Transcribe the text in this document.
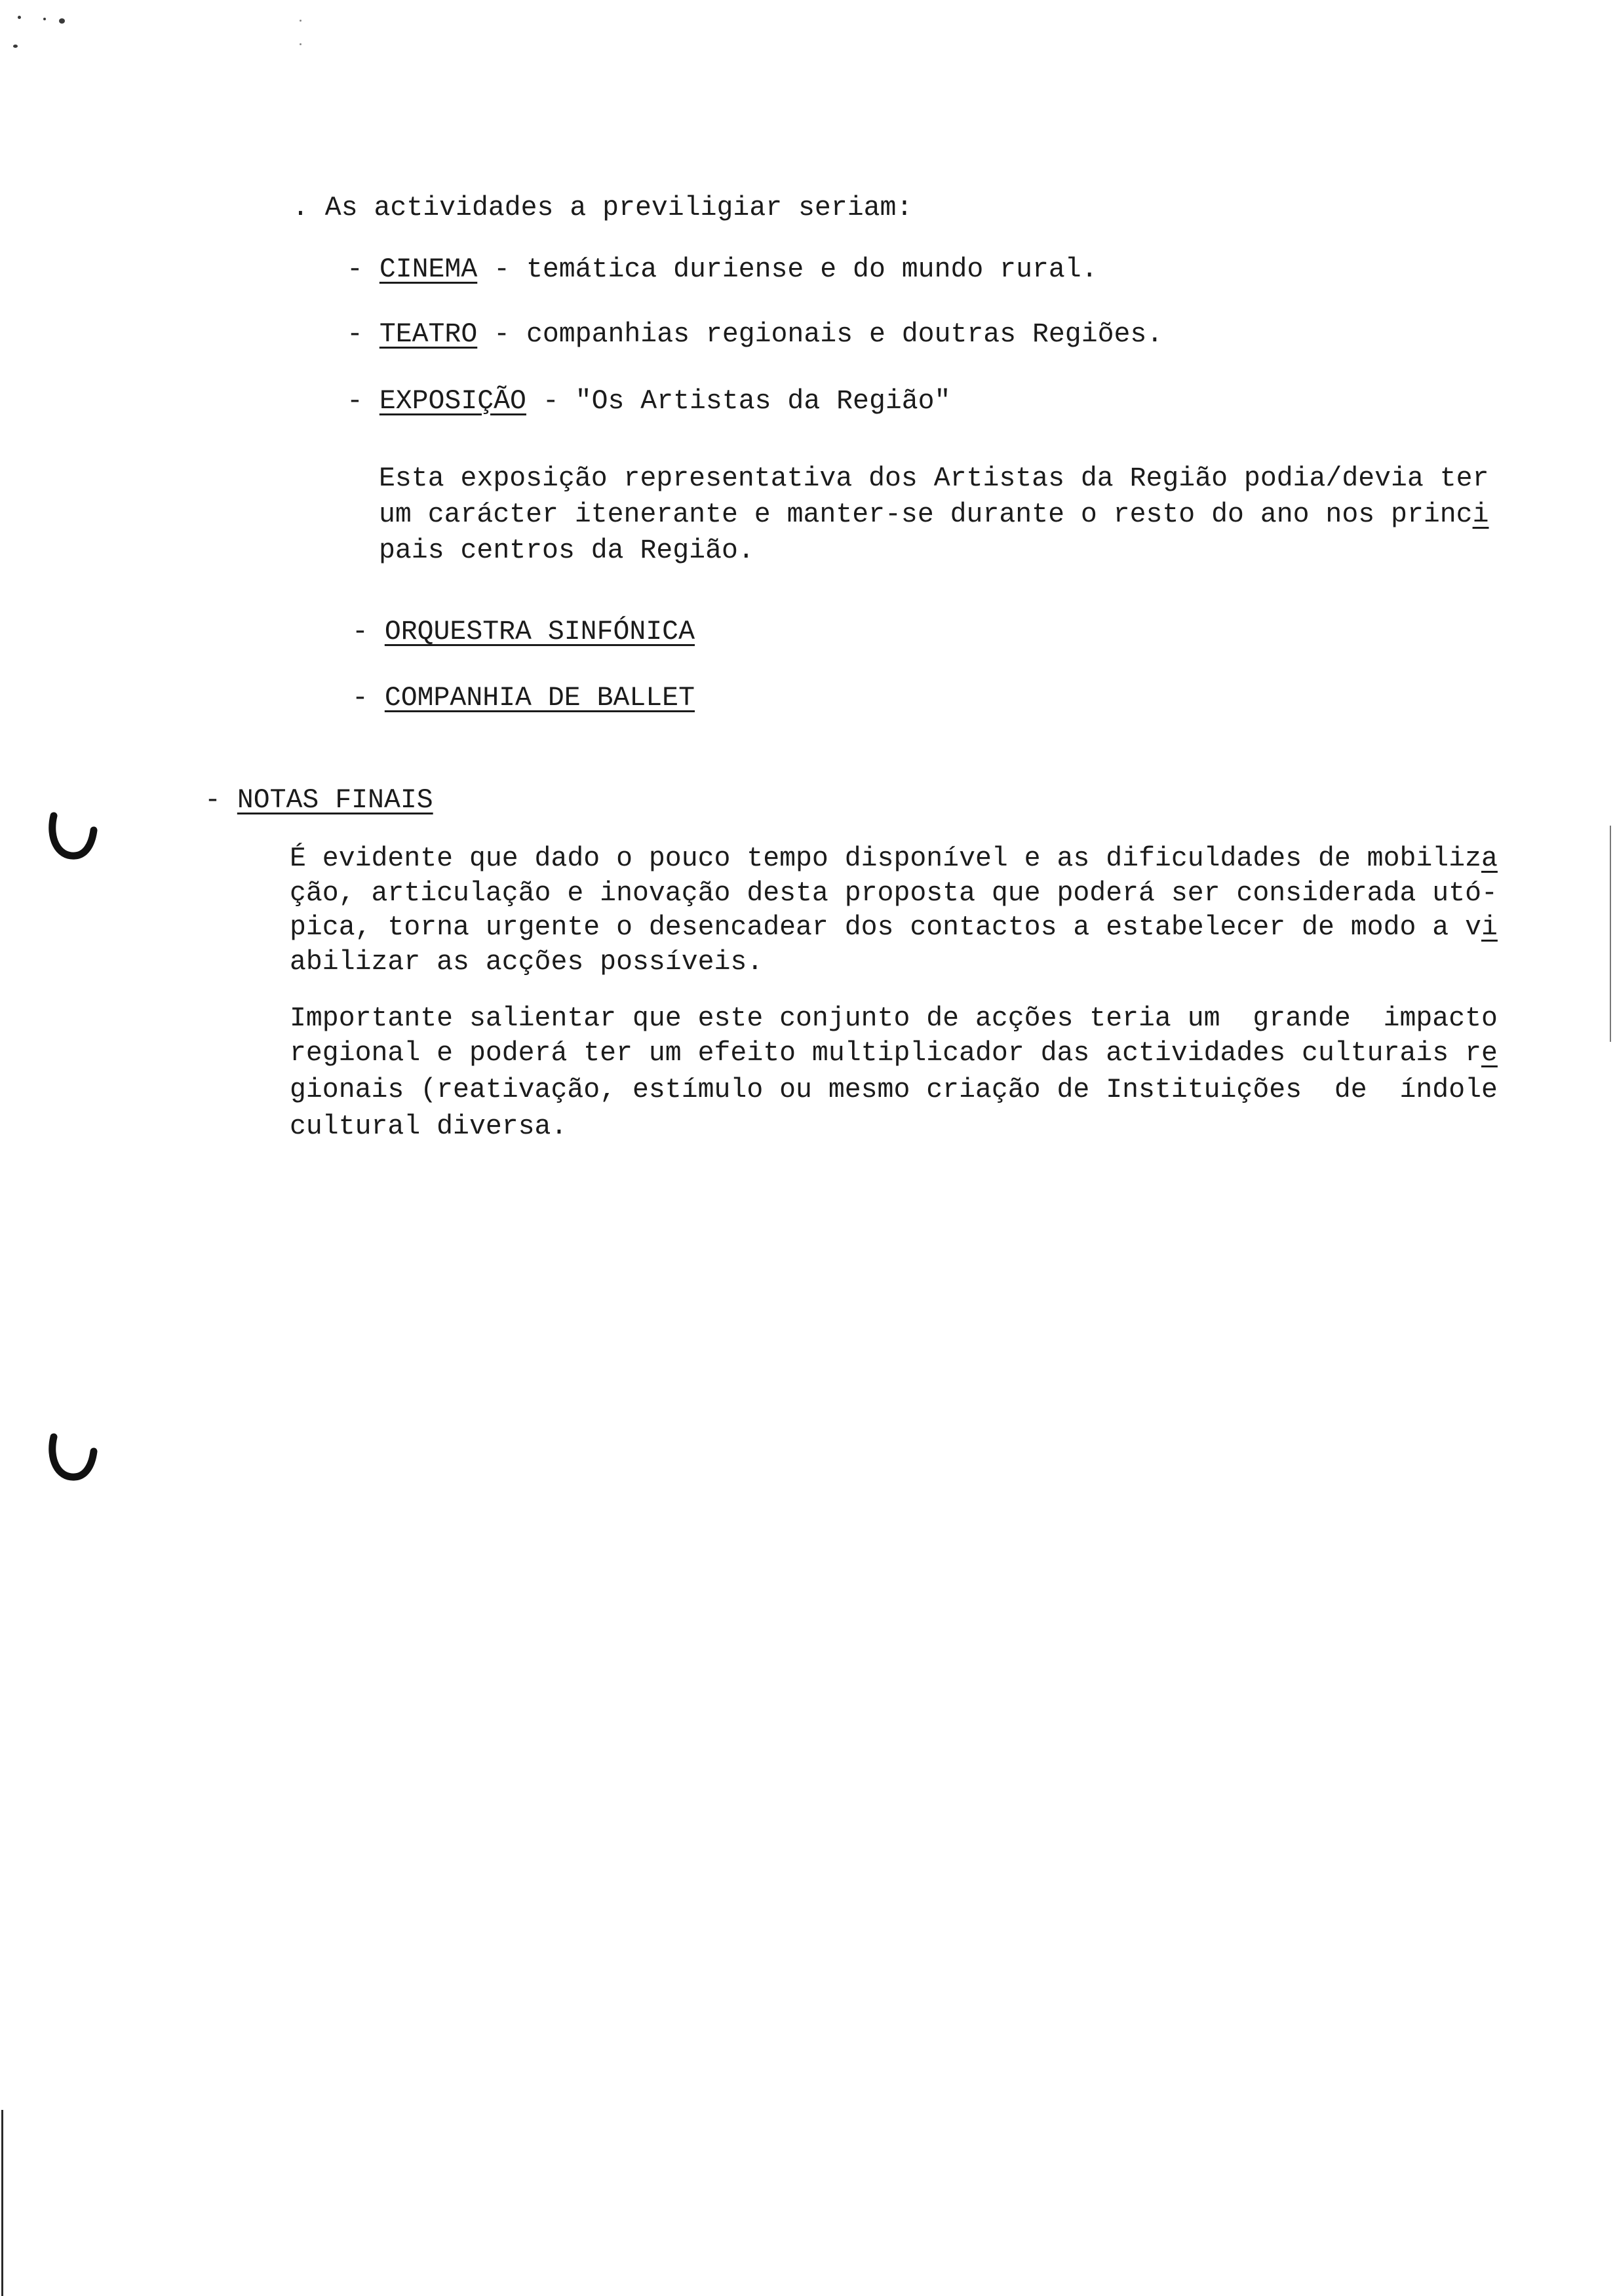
. As actividades a previligiar seriam:
- CINEMA - temática duriense e do mundo rural.
- TEATRO - companhias regionais e doutras Regiões.
- EXPOSIÇÃO - "Os Artistas da Região"
Esta exposição representativa dos Artistas da Região podia/devia ter
um carácter itenerante e manter-se durante o resto do ano nos princi
pais centros da Região.
- ORQUESTRA SINFÓNICA
- COMPANHIA DE BALLET
- NOTAS FINAIS
É evidente que dado o pouco tempo disponível e as dificuldades de mobiliza
ção, articulação e inovação desta proposta que poderá ser considerada utó-
pica, torna urgente o desencadear dos contactos a estabelecer de modo a vi
abilizar as acções possíveis.
Importante salientar que este conjunto de acções teria um  grande  impacto
regional e poderá ter um efeito multiplicador das actividades culturais re
gionais (reativação, estímulo ou mesmo criação de Instituições  de  índole
cultural diversa.
